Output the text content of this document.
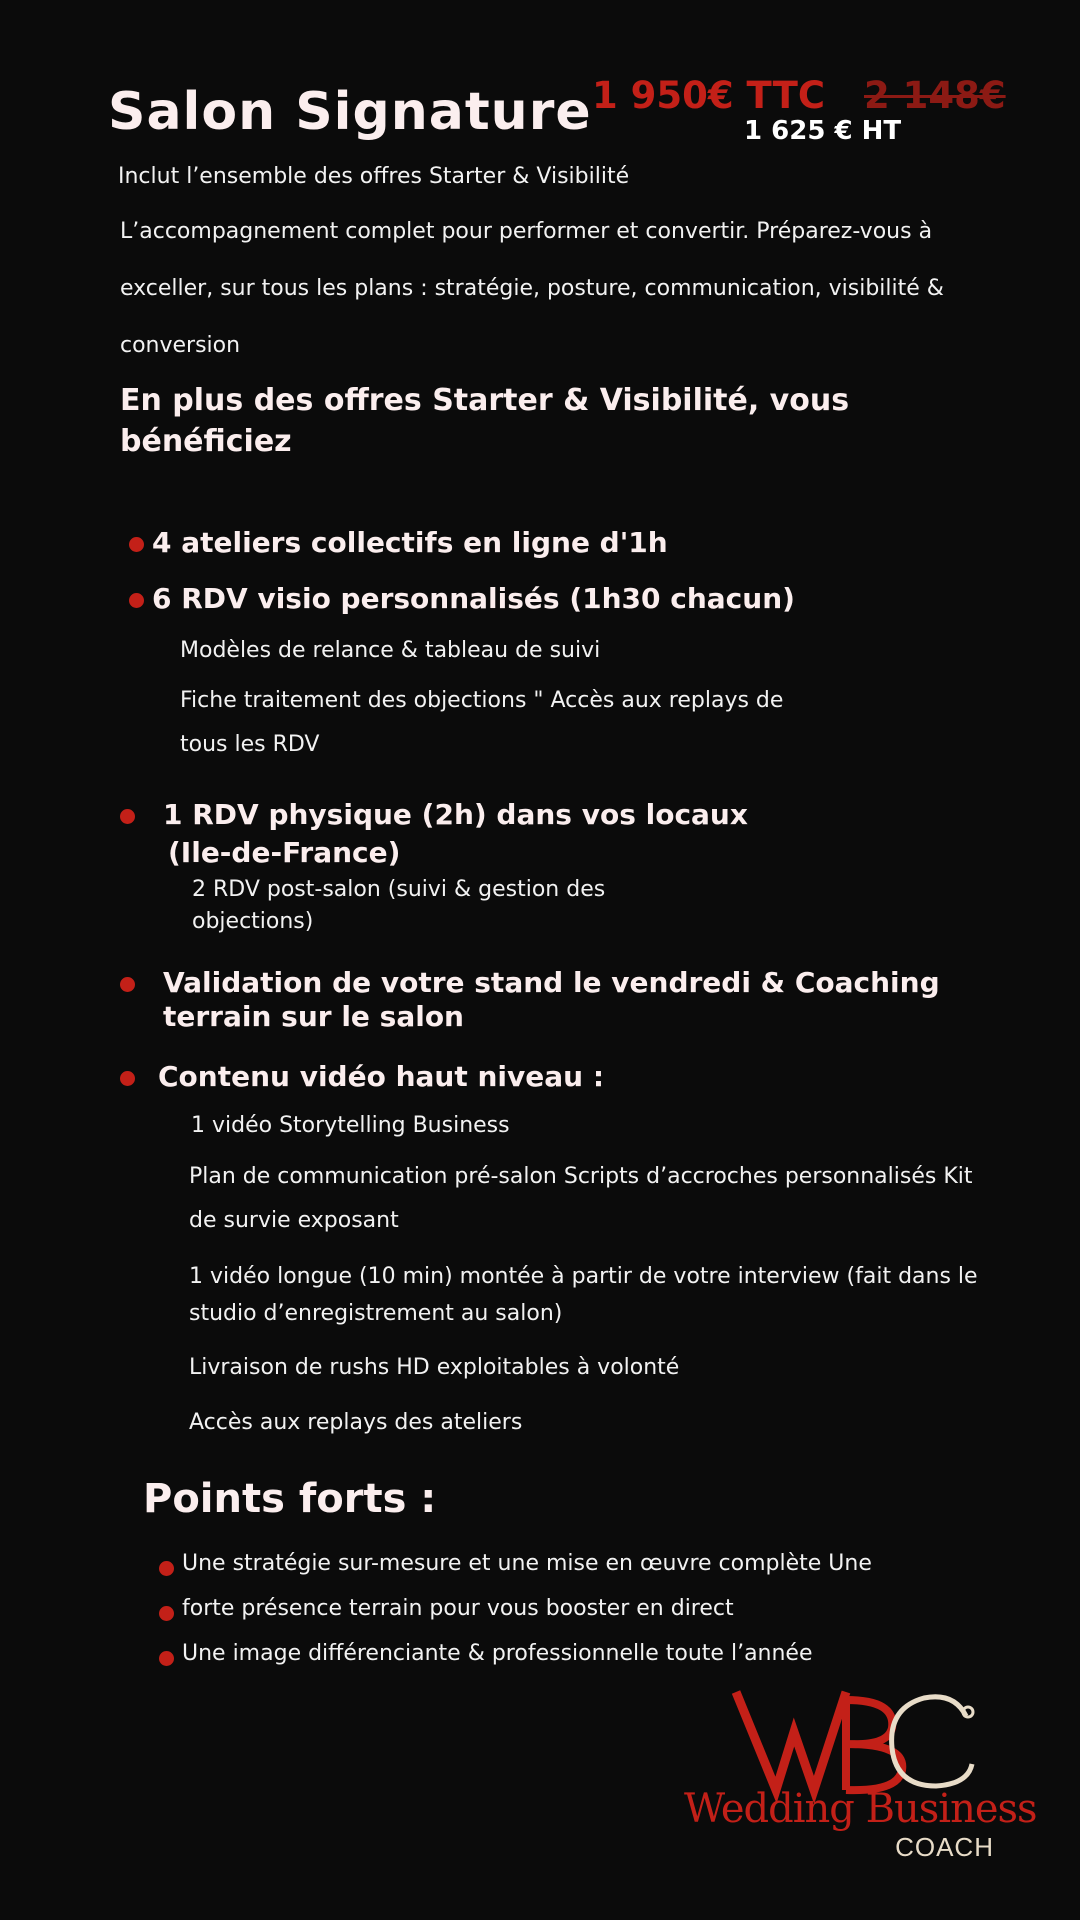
Salon Signature 1 950€ TTC 2 148€
1 625 € HT
Inclut l’ensemble des offres Starter & Visibilité
L’accompagnement complet pour performer et convertir. Préparez-vous à
exceller, sur tous les plans : stratégie, posture, communication, visibilité &
conversion
En plus des offres Starter & Visibilité, vous bénéficiez
4 ateliers collectifs en ligne d'1h
6 RDV visio personnalisés (1h30 chacun)
Modèles de relance & tableau de suivi
Fiche traitement des objections " Accès aux replays de
tous les RDV
1 RDV physique (2h) dans vos locaux
(Ile-de-France)
2 RDV post-salon (suivi & gestion des
objections)
Validation de votre stand le vendredi & Coaching
terrain sur le salon
Contenu vidéo haut niveau :
1 vidéo Storytelling Business
Plan de communication pré-salon Scripts d’accroches personnalisés Kit
de survie exposant
1 vidéo longue (10 min) montée à partir de votre interview (fait dans le
studio d’enregistrement au salon)
Livraison de rushs HD exploitables à volonté
Accès aux replays des ateliers
Points forts :
Une stratégie sur-mesure et une mise en œuvre complète Une
forte présence terrain pour vous booster en direct
Une image différenciante & professionnelle toute l’année
Wedding Business
COACH
